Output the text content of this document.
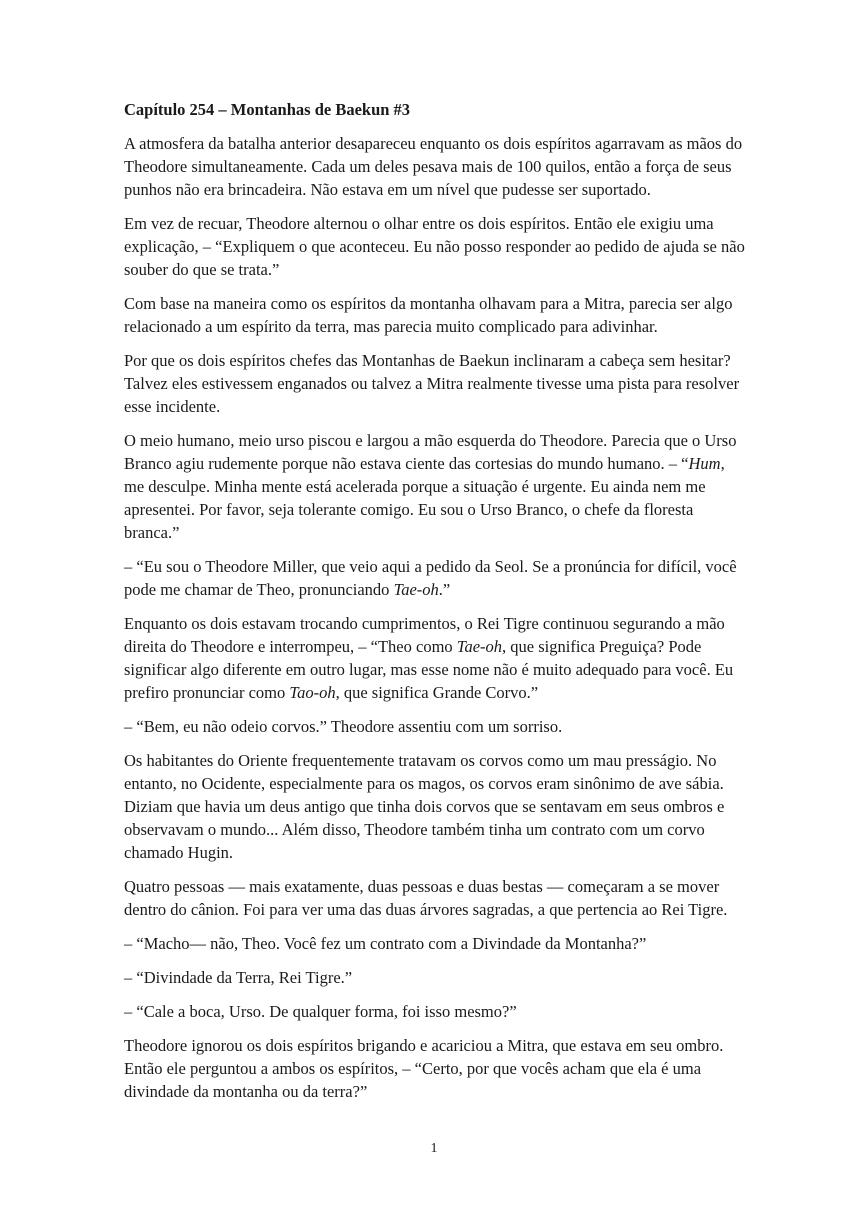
Capítulo 254 – Montanhas de Baekun #3

A atmosfera da batalha anterior desapareceu enquanto os dois espíritos agarravam as mãos do Theodore simultaneamente. Cada um deles pesava mais de 100 quilos, então a força de seus punhos não era brincadeira. Não estava em um nível que pudesse ser suportado.

Em vez de recuar, Theodore alternou o olhar entre os dois espíritos. Então ele exigiu uma explicação, – “Expliquem o que aconteceu. Eu não posso responder ao pedido de ajuda se não souber do que se trata.”

Com base na maneira como os espíritos da montanha olhavam para a Mitra, parecia ser algo relacionado a um espírito da terra, mas parecia muito complicado para adivinhar.

Por que os dois espíritos chefes das Montanhas de Baekun inclinaram a cabeça sem hesitar? Talvez eles estivessem enganados ou talvez a Mitra realmente tivesse uma pista para resolver esse incidente.

O meio humano, meio urso piscou e largou a mão esquerda do Theodore. Parecia que o Urso Branco agiu rudemente porque não estava ciente das cortesias do mundo humano. – “Hum, me desculpe. Minha mente está acelerada porque a situação é urgente. Eu ainda nem me apresentei. Por favor, seja tolerante comigo. Eu sou o Urso Branco, o chefe da floresta branca.”

– “Eu sou o Theodore Miller, que veio aqui a pedido da Seol. Se a pronúncia for difícil, você pode me chamar de Theo, pronunciando Tae-oh.”

Enquanto os dois estavam trocando cumprimentos, o Rei Tigre continuou segurando a mão direita do Theodore e interrompeu, – “Theo como Tae-oh, que significa Preguiça? Pode significar algo diferente em outro lugar, mas esse nome não é muito adequado para você. Eu prefiro pronunciar como Tao-oh, que significa Grande Corvo.”

– “Bem, eu não odeio corvos.” Theodore assentiu com um sorriso.

Os habitantes do Oriente frequentemente tratavam os corvos como um mau presságio. No entanto, no Ocidente, especialmente para os magos, os corvos eram sinônimo de ave sábia. Diziam que havia um deus antigo que tinha dois corvos que se sentavam em seus ombros e observavam o mundo... Além disso, Theodore também tinha um contrato com um corvo chamado Hugin.

Quatro pessoas — mais exatamente, duas pessoas e duas bestas — começaram a se mover dentro do cânion. Foi para ver uma das duas árvores sagradas, a que pertencia ao Rei Tigre.

– “Macho— não, Theo. Você fez um contrato com a Divindade da Montanha?”

– “Divindade da Terra, Rei Tigre.”

– “Cale a boca, Urso. De qualquer forma, foi isso mesmo?”

Theodore ignorou os dois espíritos brigando e acariciou a Mitra, que estava em seu ombro. Então ele perguntou a ambos os espíritos, – “Certo, por que vocês acham que ela é uma divindade da montanha ou da terra?”

1
